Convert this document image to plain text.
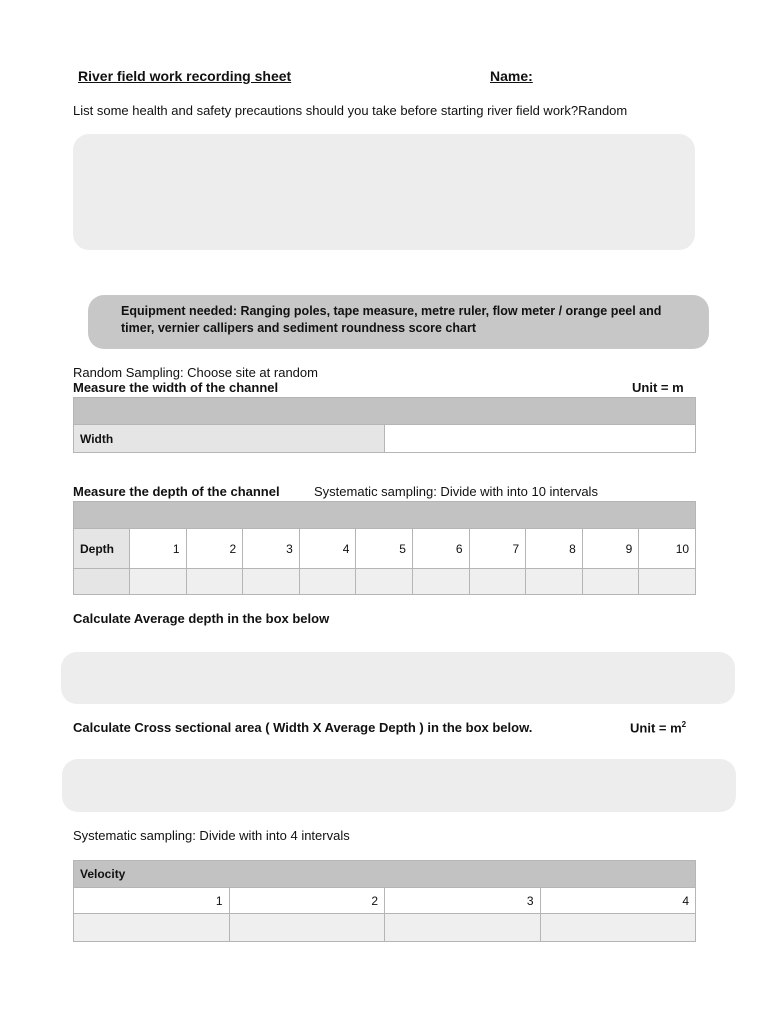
River field work recording sheet	Name:
List some health and safety precautions should you take before starting river field work?Random
Equipment needed: Ranging poles, tape measure, metre ruler, flow meter / orange peel and timer, vernier callipers and sediment roundness score chart
Random Sampling: Choose site at random
Measure the width of the channel	Unit = m

Width	
Measure the depth of the channel	Systematic sampling: Divide with into 10 intervals

Depth	1	2	3	4	5	6	7	8	9	10

Calculate Average depth in the box below
Calculate Cross sectional area ( Width X Average Depth ) in the box below.	Unit = $m^2$
Systematic sampling: Divide with into 4 intervals
Velocity			
1	2	3	4
